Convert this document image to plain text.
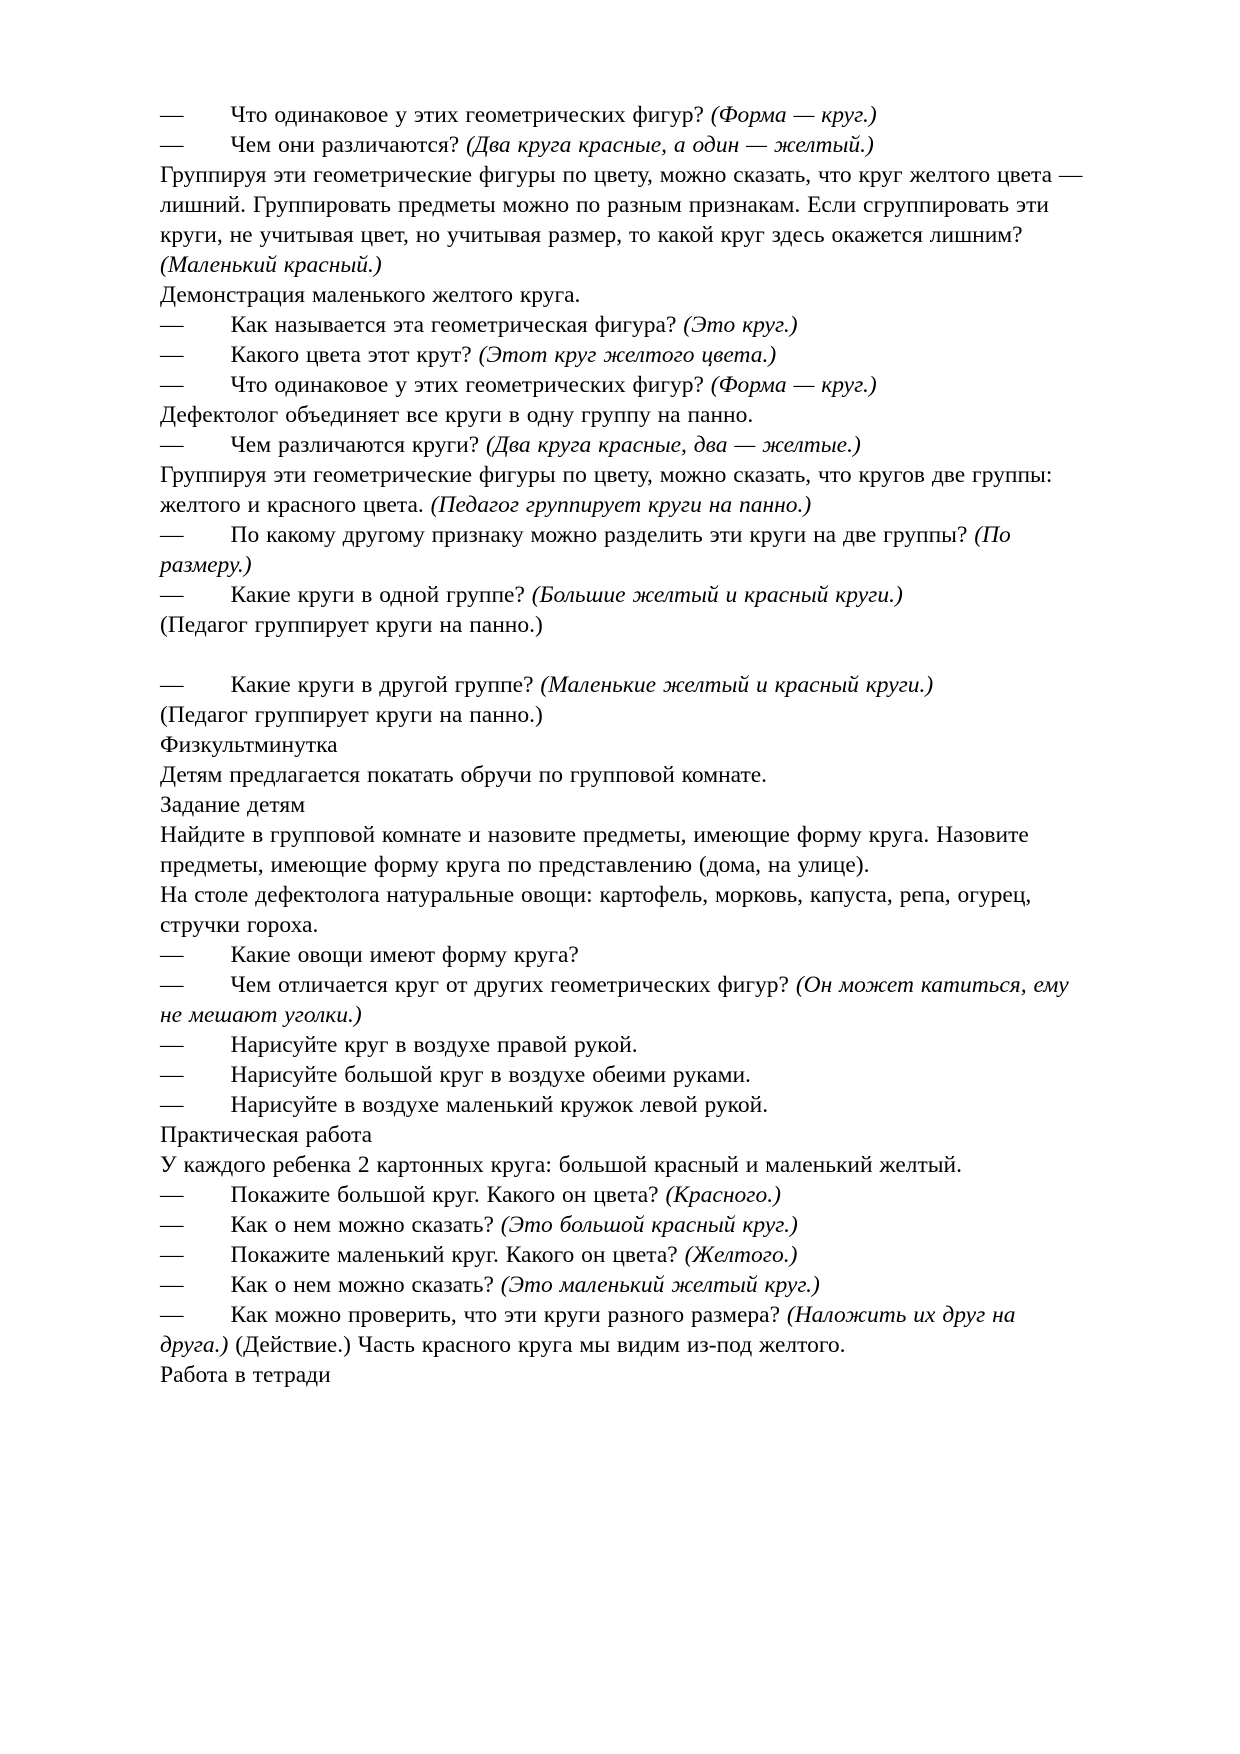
— Что одинаковое у этих геометрических фигур? (Форма — круг.)
— Чем они различаются? (Два круга красные, а один — желтый.)
Группируя эти геометрические фигуры по цвету, можно сказать, что круг желтого цвета — лишний. Группировать предметы можно по разным признакам. Если сгруппировать эти круги, не учитывая цвет, но учитывая размер, то какой круг здесь окажется лишним? (Маленький красный.)
Демонстрация маленького желтого круга.
— Как называется эта геометрическая фигура? (Это круг.)
— Какого цвета этот крут? (Этот круг желтого цвета.)
— Что одинаковое у этих геометрических фигур? (Форма — круг.)
Дефектолог объединяет все круги в одну группу на панно.
— Чем различаются круги? (Два круга красные, два — желтые.)
Группируя эти геометрические фигуры по цвету, можно сказать, что кругов две группы: желтого и красного цвета. (Педагог группирует круги на панно.)
— По какому другому признаку можно разделить эти круги на две группы? (По размеру.)
— Какие круги в одной группе? (Большие желтый и красный круги.)
(Педагог группирует круги на панно.)
— Какие круги в другой группе? (Маленькие желтый и красный круги.)
(Педагог группирует круги на панно.)
Физкультминутка
Детям предлагается покатать обручи по групповой комнате.
Задание детям
Найдите в групповой комнате и назовите предметы, имеющие форму круга. Назовите предметы, имеющие форму круга по представлению (дома, на улице).
На столе дефектолога натуральные овощи: картофель, морковь, капуста, репа, огурец, стручки гороха.
— Какие овощи имеют форму круга?
— Чем отличается круг от других геометрических фигур? (Он может катиться, ему не мешают уголки.)
— Нарисуйте круг в воздухе правой рукой.
— Нарисуйте большой круг в воздухе обеими руками.
— Нарисуйте в воздухе маленький кружок левой рукой.
Практическая работа
У каждого ребенка 2 картонных круга: большой красный и маленький желтый.
— Покажите большой круг. Какого он цвета? (Красного.)
— Как о нем можно сказать? (Это большой красный круг.)
— Покажите маленький круг. Какого он цвета? (Желтого.)
— Как о нем можно сказать? (Это маленький желтый круг.)
— Как можно проверить, что эти круги разного размера? (Наложить их друг на друга.) (Действие.) Часть красного круга мы видим из-под желтого.
Работа в тетради
